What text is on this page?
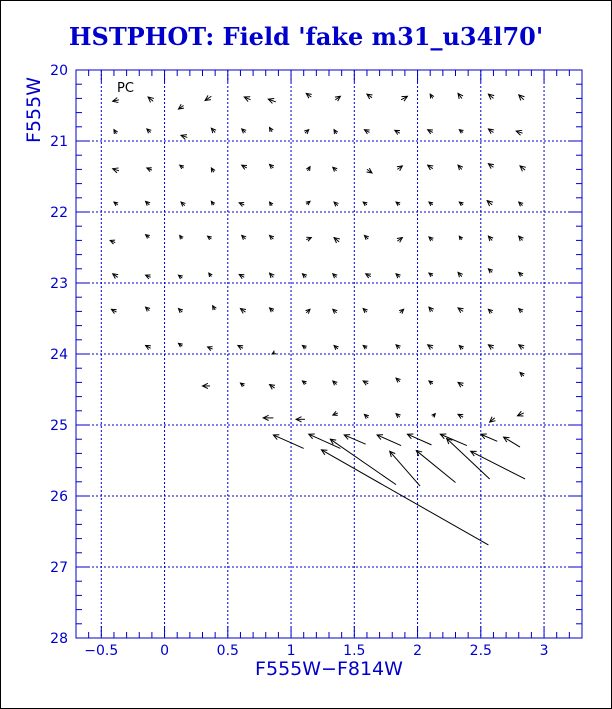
HSTPHOT: Field 'fake m31_u34l70'
−0.5	0	0.5	1	1.5	2	2.5	3
20
21
22
23
24
25
26
27
28
PC
F555W−F814W
F555W
